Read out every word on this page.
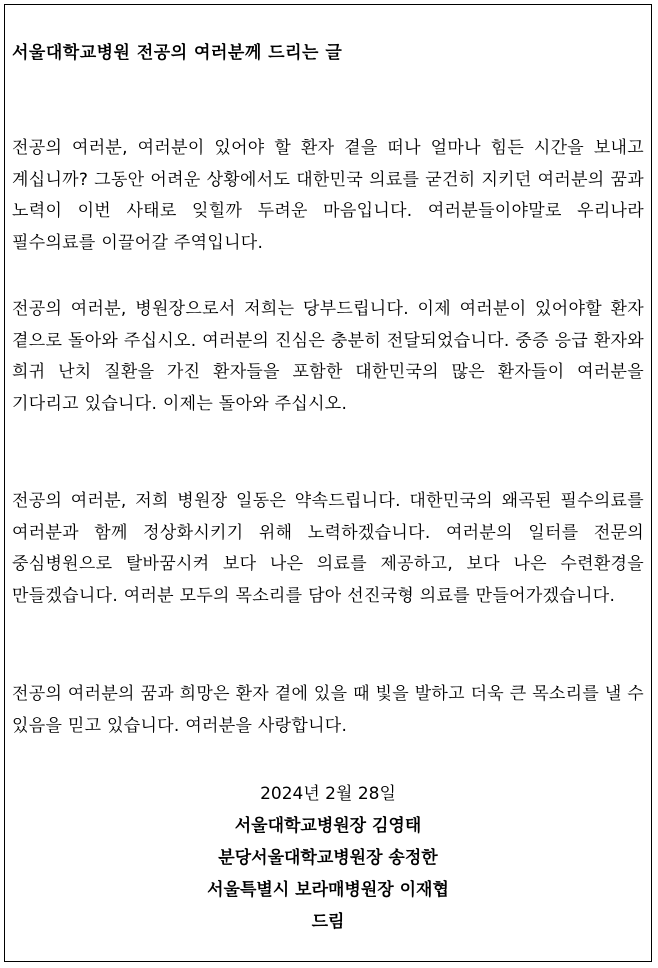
서울대학교병원 전공의 여러분께 드리는 글

전공의 여러분, 여러분이 있어야 할 환자 곁을 떠나 얼마나 힘든 시간을 보내고 계십니까? 그동안 어려운 상황에서도 대한민국 의료를 굳건히 지키던 여러분의 꿈과 노력이 이번 사태로 잊힐까 두려운 마음입니다. 여러분들이야말로 우리나라 필수의료를 이끌어갈 주역입니다.

전공의 여러분, 병원장으로서 저희는 당부드립니다. 이제 여러분이 있어야할 환자 곁으로 돌아와 주십시오. 여러분의 진심은 충분히 전달되었습니다. 중증 응급 환자와 희귀 난치 질환을 가진 환자들을 포함한 대한민국의 많은 환자들이 여러분을 기다리고 있습니다. 이제는 돌아와 주십시오.

전공의 여러분, 저희 병원장 일동은 약속드립니다. 대한민국의 왜곡된 필수의료를 여러분과 함께 정상화시키기 위해 노력하겠습니다. 여러분의 일터를 전문의 중심병원으로 탈바꿈시켜 보다 나은 의료를 제공하고, 보다 나은 수련환경을 만들겠습니다. 여러분 모두의 목소리를 담아 선진국형 의료를 만들어가겠습니다.

전공의 여러분의 꿈과 희망은 환자 곁에 있을 때 빛을 발하고 더욱 큰 목소리를 낼 수 있음을 믿고 있습니다. 여러분을 사랑합니다.

2024년 2월 28일

서울대학교병원장 김영태

분당서울대학교병원장 송정한

서울특별시 보라매병원장 이재협

드림
